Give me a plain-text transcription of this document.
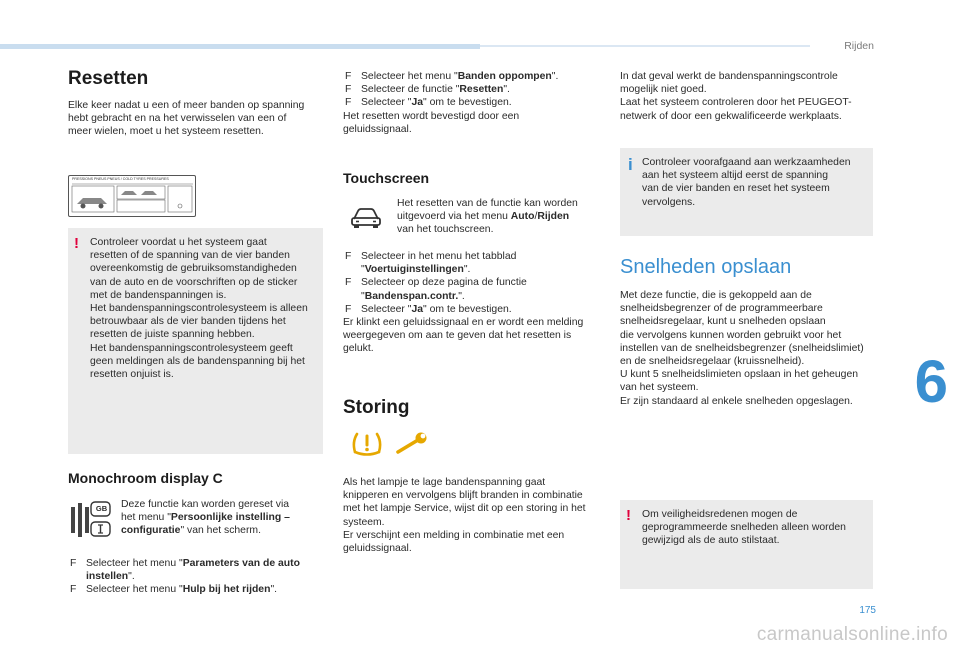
Rijden
6
175
Resetten
Elke keer nadat u een of meer banden op spanning
hebt gebracht en na het verwisselen van een of
meer wielen, moet u het systeem resetten.
PRESSIONS PNEUS PNEUS / COLD TYRES PRESSURES
! Controleer voordat u het systeem gaat
resetten of de spanning van de vier banden
overeenkomstig de gebruiksomstandigheden
van de auto en de voorschriften op de sticker
met de bandenspanningen is.
Het bandenspanningscontrolesysteem is alleen
betrouwbaar als de vier banden tijdens het
resetten de juiste spanning hebben.
Het bandenspanningscontrolesysteem geeft
geen meldingen als de bandenspanning bij het
resetten onjuist is.
Monochroom display C
GB Deze functie kan worden gereset via
het menu "Persoonlijke instelling –
configuratie" van het scherm.
F Selecteer het menu "Parameters van de auto
instellen".
F Selecteer het menu "Hulp bij het rijden".
F Selecteer het menu "Banden oppompen".
F Selecteer de functie "Resetten".
F Selecteer "Ja" om te bevestigen.
Het resetten wordt bevestigd door een
geluidssignaal.
Touchscreen
Het resetten van de functie kan worden
uitgevoerd via het menu Auto/Rijden
van het touchscreen.
F Selecteer in het menu het tabblad
"Voertuiginstellingen".
F Selecteer op deze pagina de functie
"Bandenspan.contr.".
F Selecteer "Ja" om te bevestigen.
Er klinkt een geluidssignaal en er wordt een melding
weergegeven om aan te geven dat het resetten is
gelukt.
Storing
Als het lampje te lage bandenspanning gaat
knipperen en vervolgens blijft branden in combinatie
met het lampje Service, wijst dit op een storing in het
systeem.
Er verschijnt een melding in combinatie met een
geluidssignaal.
In dat geval werkt de bandenspanningscontrole
mogelijk niet goed.
Laat het systeem controleren door het PEUGEOT-
netwerk of door een gekwalificeerde werkplaats.
i Controleer voorafgaand aan werkzaamheden
aan het systeem altijd eerst de spanning
van de vier banden en reset het systeem
vervolgens.
Snelheden opslaan
Met deze functie, die is gekoppeld aan de
snelheidsbegrenzer of de programmeerbare
snelheidsregelaar, kunt u snelheden opslaan
die vervolgens kunnen worden gebruikt voor het
instellen van de snelheidsbegrenzer (snelheidslimiet)
en de snelheidsregelaar (kruissnelheid).
U kunt 5 snelheidslimieten opslaan in het geheugen
van het systeem.
Er zijn standaard al enkele snelheden opgeslagen.
! Om veiligheidsredenen mogen de
geprogrammeerde snelheden alleen worden
gewijzigd als de auto stilstaat.
carmanualsonline.info
